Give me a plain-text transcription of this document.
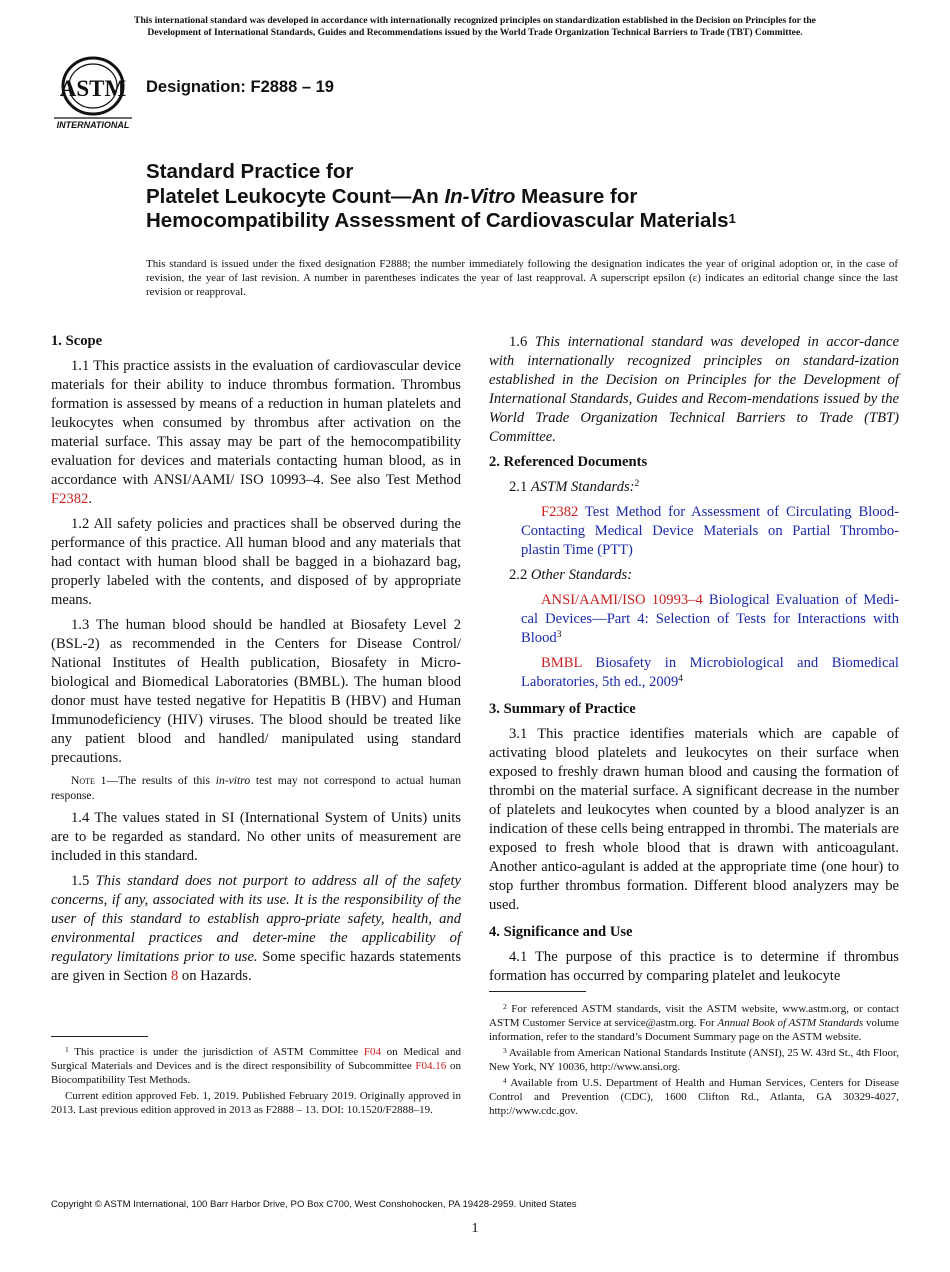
This international standard was developed in accordance with internationally recognized principles on standardization established in the Decision on Principles for the
Development of International Standards, Guides and Recommendations issued by the World Trade Organization Technical Barriers to Trade (TBT) Committee.
ASTM
INTERNATIONAL
Designation: F2888 – 19
Standard Practice for
Platelet Leukocyte Count—An In-Vitro Measure for
Hemocompatibility Assessment of Cardiovascular Materials$^1$
This standard is issued under the fixed designation F2888; the number immediately following the designation indicates the year of original adoption or, in the case of revision, the year of last revision. A number in parentheses indicates the year of last reapproval. A superscript epsilon (ε) indicates an editorial change since the last revision or reapproval.
1. Scope

1.1 This practice assists in the evaluation of cardiovascular device materials for their ability to induce thrombus formation. Thrombus formation is assessed by means of a reduction in human platelets and leukocytes when consumed by thrombus after activation on the material surface. This assay may be part of the hemocompatibility evaluation for devices and materials contacting human blood, as in accordance with ANSI/AAMI/ ISO 10993–4. See also Test Method F2382.

1.2 All safety policies and practices shall be observed during the performance of this practice. All human blood and any materials that had contact with human blood shall be bagged in a biohazard bag, properly labeled with the contents, and disposed of by appropriate means.

1.3 The human blood should be handled at Biosafety Level 2 (BSL-2) as recommended in the Centers for Disease Control/ National Institutes of Health publication, Biosafety in Micro-biological and Biomedical Laboratories (BMBL). The human blood donor must have tested negative for Hepatitis B (HBV) and Human Immunodeficiency (HIV) viruses. The blood should be treated like any patient blood and handled/ manipulated using standard precautions.

Note 1—The results of this in-vitro test may not correspond to actual human response.

1.4 The values stated in SI (International System of Units) units are to be regarded as standard. No other units of measurement are included in this standard.

1.5 This standard does not purport to address all of the safety concerns, if any, associated with its use. It is the responsibility of the user of this standard to establish appro-priate safety, health, and environmental practices and deter-mine the applicability of regulatory limitations prior to use. Some specific hazards statements are given in Section 8 on Hazards.

1.6 This international standard was developed in accor-dance with internationally recognized principles on standard-ization established in the Decision on Principles for the Development of International Standards, Guides and Recom-mendations issued by the World Trade Organization Technical Barriers to Trade (TBT) Committee.

2. Referenced Documents

2.1 ASTM Standards:$^2$

F2382 Test Method for Assessment of Circulating Blood-Contacting Medical Device Materials on Partial Thrombo-plastin Time (PTT)

2.2 Other Standards:

ANSI/AAMI/ISO 10993–4 Biological Evaluation of Medi-cal Devices—Part 4: Selection of Tests for Interactions with Blood$^3$

BMBL Biosafety in Microbiological and Biomedical Laboratories, 5th ed., 2009$^4$

3. Summary of Practice

3.1 This practice identifies materials which are capable of activating blood platelets and leukocytes on their surface when exposed to freshly drawn human blood and causing the formation of thrombi on the material surface. A significant decrease in the number of platelets and leukocytes when counted by a blood analyzer is an indication of these cells being entrapped in thrombi. The materials are exposed to fresh whole blood that is drawn with anticoagulant. Another antico-agulant is added at the appropriate time (one hour) to stop further thrombus formation. Different blood analyzers may be used.

4. Significance and Use

4.1 The purpose of this practice is to determine if thrombus formation has occurred by comparing platelet and leukocyte

$^1$ This practice is under the jurisdiction of ASTM Committee F04 on Medical and Surgical Materials and Devices and is the direct responsibility of Subcommittee F04.16 on Biocompatibility Test Methods.

Current edition approved Feb. 1, 2019. Published February 2019. Originally approved in 2013. Last previous edition approved in 2013 as F2888 – 13. DOI: 10.1520/F2888–19.

$^2$ For referenced ASTM standards, visit the ASTM website, www.astm.org, or contact ASTM Customer Service at service@astm.org. For Annual Book of ASTM Standards volume information, refer to the standard’s Document Summary page on the ASTM website.

$^3$ Available from American National Standards Institute (ANSI), 25 W. 43rd St., 4th Floor, New York, NY 10036, http://www.ansi.org.

$^4$ Available from U.S. Department of Health and Human Services, Centers for Disease Control and Prevention (CDC), 1600 Clifton Rd., Atlanta, GA 30329-4027, http://www.cdc.gov.

Copyright © ASTM International, 100 Barr Harbor Drive, PO Box C700, West Conshohocken, PA 19428-2959. United States
1
